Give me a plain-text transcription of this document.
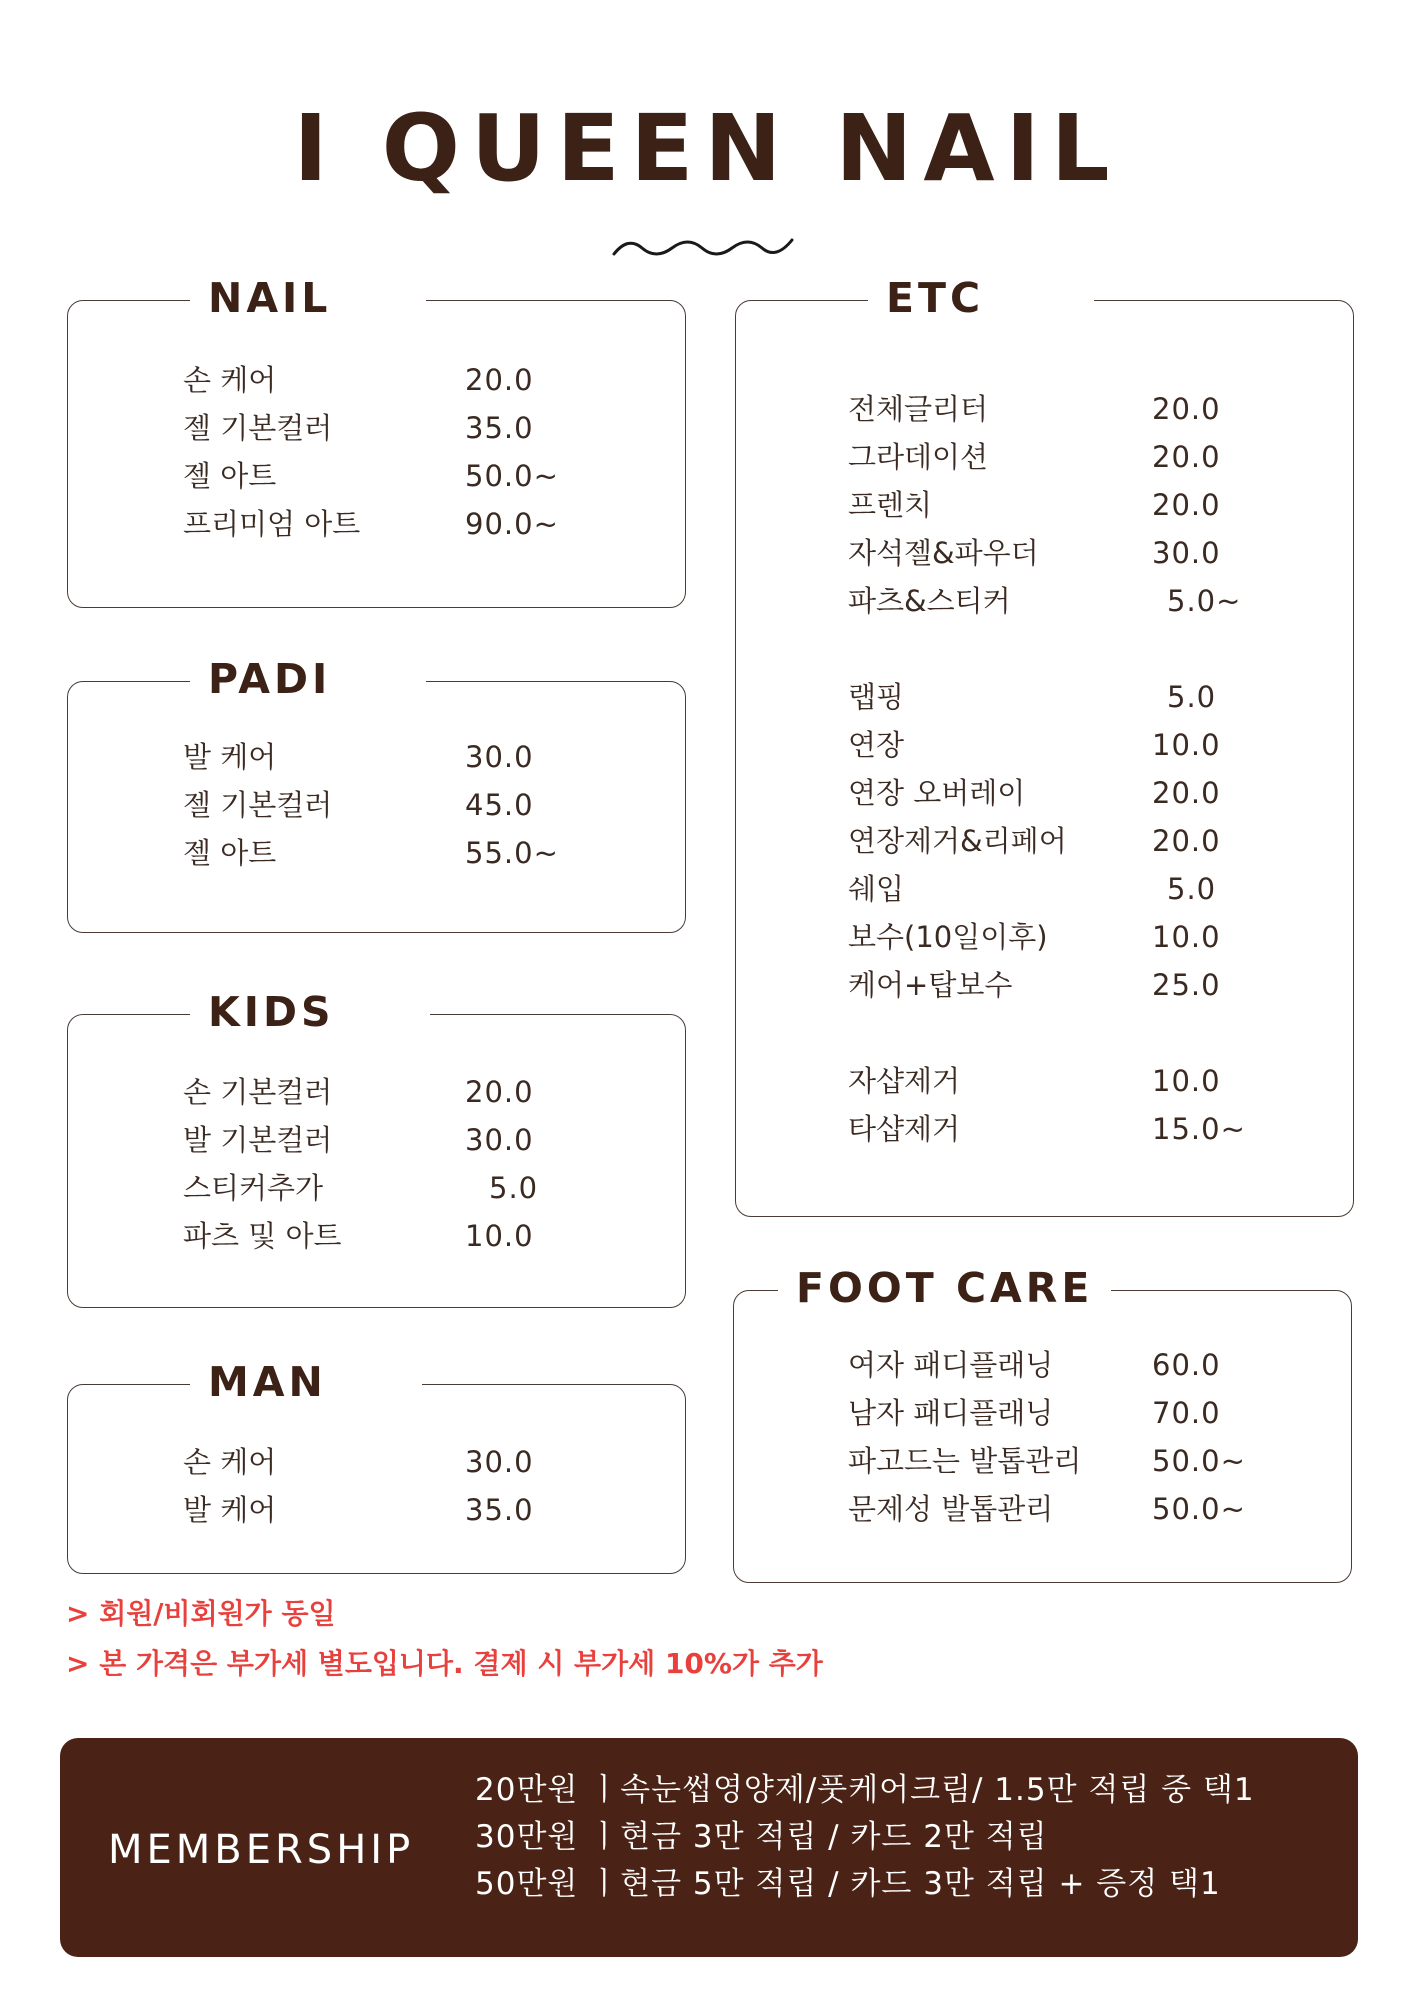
I QUEEN NAIL
NAIL
손 케어	20.0
젤 기본컬러	35.0
젤 아트	50.0~
프리미엄 아트	90.0~
PADI
발 케어	30.0
젤 기본컬러	45.0
젤 아트	55.0~
KIDS
손 기본컬러	20.0
발 기본컬러	30.0
스티커추가	5.0
파츠 및 아트	10.0
MAN
손 케어	30.0
발 케어	35.0
ETC
전체글리터	20.0
그라데이션	20.0
프렌치	20.0
자석젤&파우더	30.0
파츠&스티커	5.0~
랩핑	5.0
연장	10.0
연장 오버레이	20.0
연장제거&리페어	20.0
쉐입	5.0
보수(10일이후)	10.0
케어+탑보수	25.0
자샵제거	10.0
타샵제거	15.0~
FOOT CARE
여자 패디플래닝	60.0
남자 패디플래닝	70.0
파고드는 발톱관리 50.0~
문제성 발톱관리	50.0~
> 회원/비회원가 동일
> 본 가격은 부가세 별도입니다. 결제 시 부가세 10%가 추가
MEMBERSHIP
20만원 ㅣ속눈썹영양제/풋케어크림/ 1.5만 적립 중 택1
30만원 ㅣ현금 3만 적립 / 카드 2만 적립
50만원 ㅣ현금 5만 적립 / 카드 3만 적립 + 증정 택1
